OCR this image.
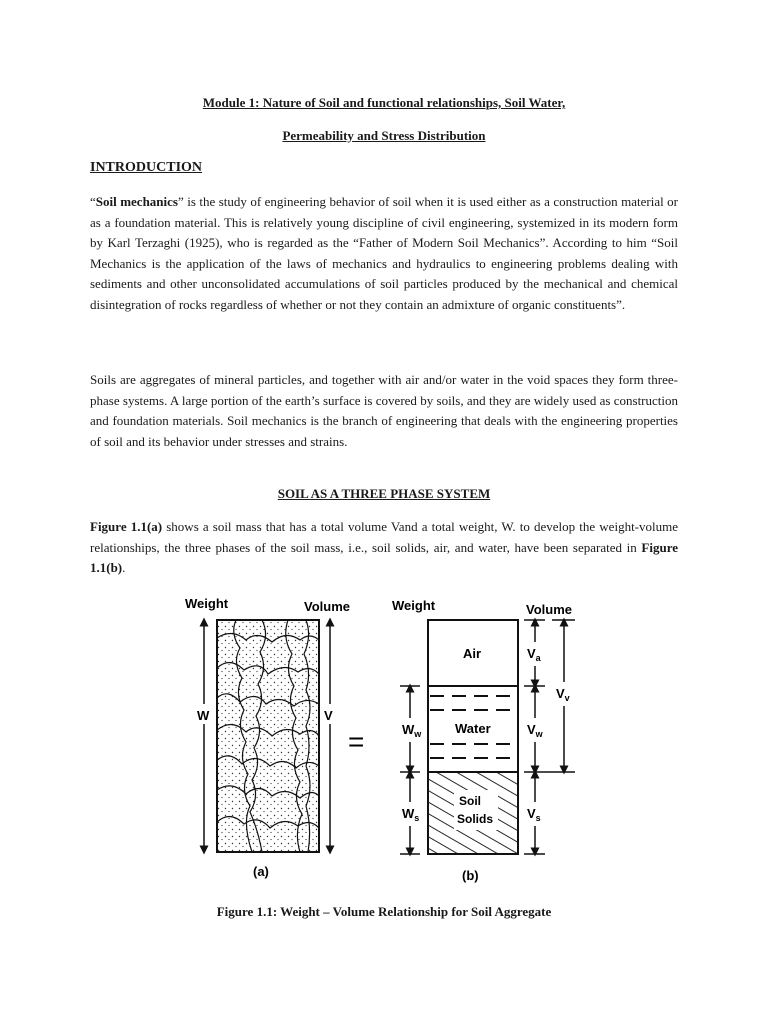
Module 1: Nature of Soil and functional relationships, Soil Water,
Permeability and Stress Distribution
INTRODUCTION

“Soil mechanics” is the study of engineering behavior of soil when it is used either as a construction material or as a foundation material. This is relatively young discipline of civil engineering, systemized in its modern form by Karl Terzaghi (1925), who is regarded as the “Father of Modern Soil Mechanics”. According to him “Soil Mechanics is the application of the laws of mechanics and hydraulics to engineering problems dealing with sediments and other unconsolidated accumulations of soil particles produced by the mechanical and chemical disintegration of rocks regardless of whether or not they contain an admixture of organic constituents”.

Soils are aggregates of mineral particles, and together with air and/or water in the void spaces they form three-phase systems. A large portion of the earth’s surface is covered by soils, and they are widely used as construction and foundation materials. Soil mechanics is the branch of engineering that deals with the engineering properties of soil and its behavior under stresses and strains.

SOIL AS A THREE PHASE SYSTEM

Figure 1.1(a) shows a soil mass that has a total volume Vand a total weight, W. to develop the weight-volume relationships, the three phases of the soil mass, i.e., soil solids, air, and water, have been separated in Figure 1.1(b).

Figure 1.1: Weight – Volume Relationship for Soil Aggregate
Weight	Volume
W	V
=
(a)
Weight	Volume
Air
Water
Soil
Solids
$W_w$
$W_s$
$V_a$
$V_w$
$V_s$
$V_v$
(b)
